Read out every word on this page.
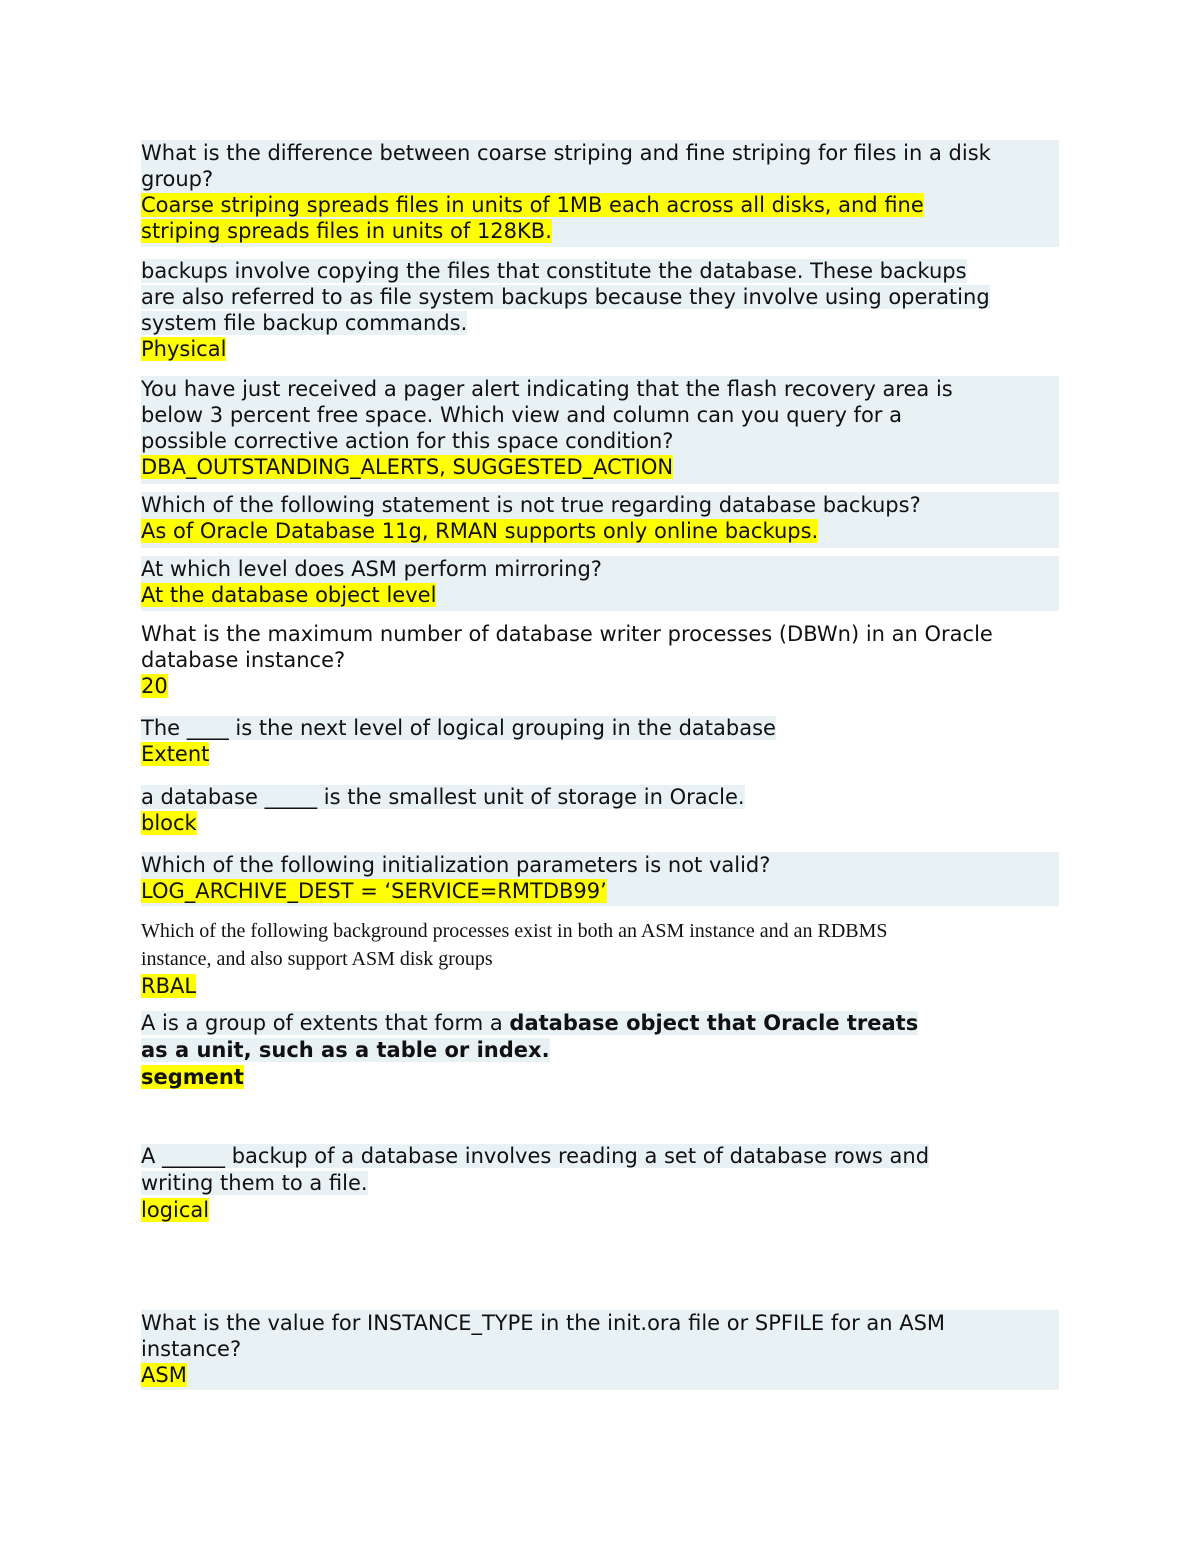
What is the difference between coarse striping and fine striping for files in a disk
group?
Coarse striping spreads files in units of 1MB each across all disks, and fine
striping spreads files in units of 128KB.
backups involve copying the files that constitute the database. These backups
are also referred to as file system backups because they involve using operating
system file backup commands.
Physical
You have just received a pager alert indicating that the flash recovery area is
below 3 percent free space. Which view and column can you query for a
possible corrective action for this space condition?
DBA_OUTSTANDING_ALERTS, SUGGESTED_ACTION
Which of the following statement is not true regarding database backups?
As of Oracle Database 11g, RMAN supports only online backups.
At which level does ASM perform mirroring?
At the database object level
What is the maximum number of database writer processes (DBWn) in an Oracle
database instance?
20
The ____ is the next level of logical grouping in the database
Extent
a database _____ is the smallest unit of storage in Oracle.
block
Which of the following initialization parameters is not valid?
LOG_ARCHIVE_DEST = ‘SERVICE=RMTDB99’
Which of the following background processes exist in both an ASM instance and an RDBMS
instance, and also support ASM disk groups
RBAL
A is a group of extents that form a database object that Oracle treats
as a unit, such as a table or index.
segment
A ______ backup of a database involves reading a set of database rows and
writing them to a file.
logical
What is the value for INSTANCE_TYPE in the init.ora file or SPFILE for an ASM
instance?
ASM
